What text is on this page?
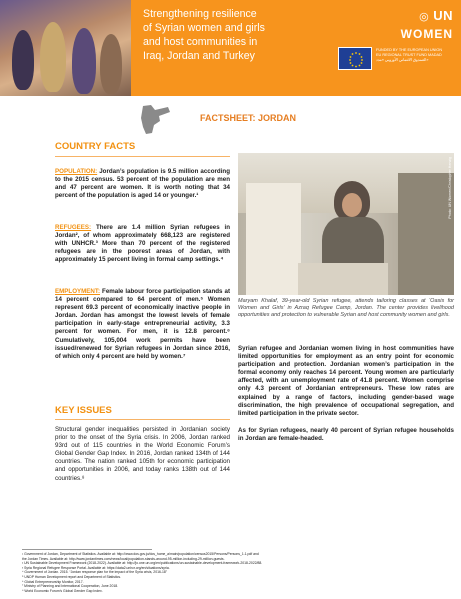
Strengthening resilience
of Syrian women and girls
and host communities in
Iraq, Jordan and Turkey
◎ UN
WOMEN
FUNDED BY THE EUROPEAN UNION
EU REGIONAL TRUST FUND MADAD
الصندوق الائتماني الأوروبي «مدد»
FACTSHEET: JORDAN
COUNTRY FACTS
POPULATION: Jordan’s population is 9.5 million according to the 2015 census. 53 percent of the population are men and 47 percent are women. It is worth noting that 34 percent of the population is aged 14 or younger.¹
REFUGEES: There are 1.4 million Syrian refugees in Jordan², of whom approximately 668,123 are registered with UNHCR.³ More than 70 percent of the registered refugees are in the poorest areas of Jordan, with approximately 15 percent living in formal camp settings.⁴
EMPLOYMENT: Female labour force participation stands at 14 percent compared to 64 percent of men.⁵ Women represent 69.3 percent of economically inactive people in Jordan. Jordan has amongst the lowest levels of female participation in early-stage entrepreneurial activity, 3.3 percent for women. For men, it is 12.8 percent.⁶ Cumulatively, 105,004 work permits have been issued/renewed for Syrian refugees in Jordan since 2016, of which only 4 percent are held by women.⁷
KEY ISSUES
Structural gender inequalities persisted in Jordanian society prior to the onset of the Syria crisis. In 2006, Jordan ranked 93rd out of 115 countries in the World Economic Forum’s Global Gender Gap Index. In 2016, Jordan ranked 134th of 144 countries. The nation ranked 105th for economic participation and opportunities in 2006, and today ranks 138th out of 144 countries.⁸
Photo: UN Women/Christopher Herwig
Maryam Khalaf, 39-year-old Syrian refugee, attends tailoring classes at ‘Oasis for Women and Girls’ in Azraq Refugee Camp, Jordan. The center provides livelihood opportunities and protection to vulnerable Syrian and host community women and girls.
Syrian refugee and Jordanian women living in host communities have limited opportunities for employment as an entry point for economic participation and protection. Jordanian women’s participation in the formal economy only reaches 14 percent. Young women are particularly affected, with an unemployment rate of 41.8 percent. Women comprise only 4.3 percent of Jordanian entrepreneurs. These low rates are explained by a range of factors, including gender-based wage discrimination, the high prevalence of occupational segregation, and limited participation in the private sector.
As for Syrian refugees, nearly 40 percent of Syrian refugee households in Jordan are female-headed.
¹ Government of Jordan, Department of Statistics. Available at: http://www.dos.gov.jo/dos_home_a/main/population/census2015/Persons/Persons_1.1.pdf and
the Jordan Times. Available at: http://www.jordantimes.com/news/local/population-stands-around-95-million-including-29-million-guests.
² UN Sustainable Development Framework (2018-2022). Available at: http://jo.one.un.org/en/publications/un-sustainable-development-framework-2018-2022/88.
³ Syria Regional Refugee Response Portal. Available at: https://data2.unhcr.org/en/situations/syria.
⁴ Government of Jordan. 2015. “Jordan response plan for the impact of the Syria crisis, 2016-18”
⁵ UNDP Human Development report and Department of Statistics.
⁶ Global Entrepreneurship Monitor, 2017.
⁷ Ministry of Planning and International Cooperation, June 2018.
⁸ World Economic Forum’s Global Gender Gap Index.
